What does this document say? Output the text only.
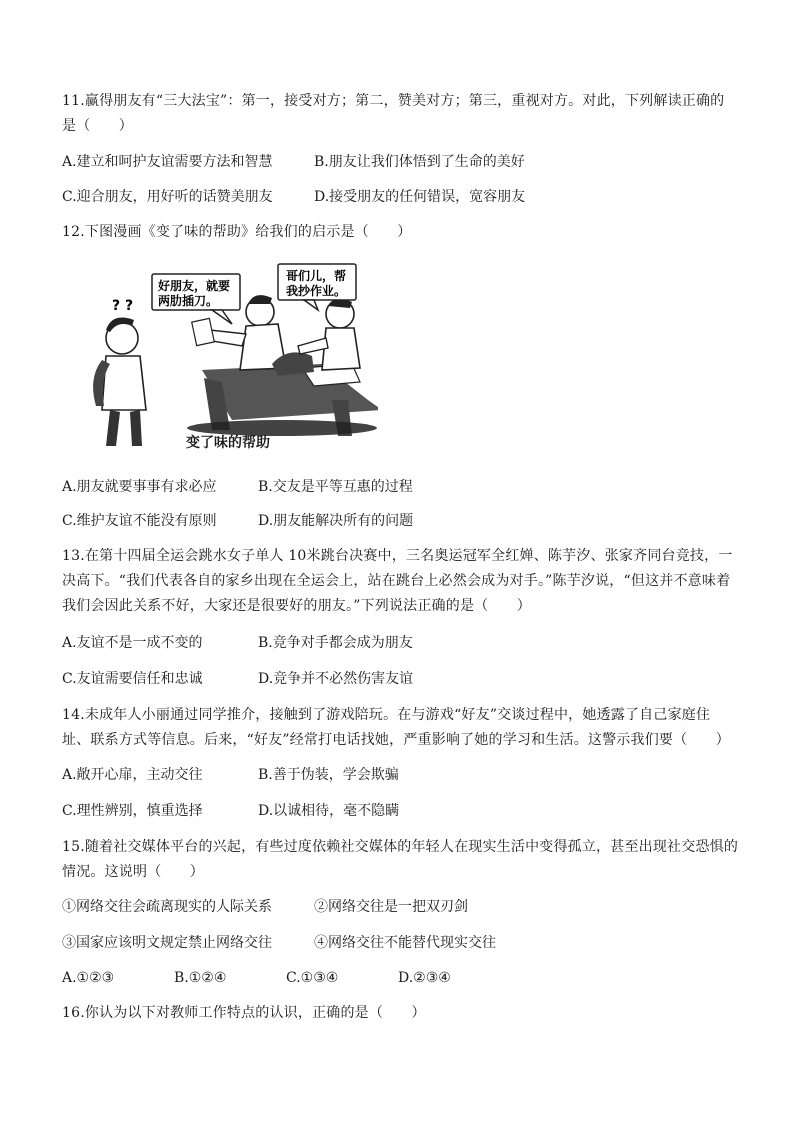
11.赢得朋友有“三大法宝”：第一，接受对方；第二，赞美对方；第三，重视对方。对此，下列解读正确的
是（　　）
A.建立和呵护友谊需要方法和智慧	B.朋友让我们体悟到了生命的美好
C.迎合朋友，用好听的话赞美朋友	D.接受朋友的任何错误，宽容朋友
12.下图漫画《变了味的帮助》给我们的启示是（　　）
? ?
好朋友，就要
两肋插刀。
哥们儿，帮
我抄作业。
变了味的帮助
A.朋友就要事事有求必应	B.交友是平等互惠的过程
C.维护友谊不能没有原则	D.朋友能解决所有的问题
13.在第十四届全运会跳水女子单人 10米跳台决赛中，三名奥运冠军全红婵、陈芋汐、张家齐同台竞技，一
决高下。“我们代表各自的家乡出现在全运会上，站在跳台上必然会成为对手。”陈芋汐说，“但这并不意味着
我们会因此关系不好，大家还是很要好的朋友。”下列说法正确的是（　　）
A.友谊不是一成不变的	B.竞争对手都会成为朋友
C.友谊需要信任和忠诚	D.竞争并不必然伤害友谊
14.未成年人小丽通过同学推介，接触到了游戏陪玩。在与游戏“好友”交谈过程中，她透露了自己家庭住
址、联系方式等信息。后来，“好友”经常打电话找她，严重影响了她的学习和生活。这警示我们要（　　）
A.敞开心扉，主动交往	B.善于伪装，学会欺骗
C.理性辨别，慎重选择	D.以诚相待，毫不隐瞒
15.随着社交媒体平台的兴起，有些过度依赖社交媒体的年轻人在现实生活中变得孤立，甚至出现社交恐惧的
情况。这说明（　　）
①网络交往会疏离现实的人际关系	②网络交往是一把双刃剑
③国家应该明文规定禁止网络交往	④网络交往不能替代现实交往
A.①②③	B.①②④	C.①③④	D.②③④
16.你认为以下对教师工作特点的认识，正确的是（　　）
